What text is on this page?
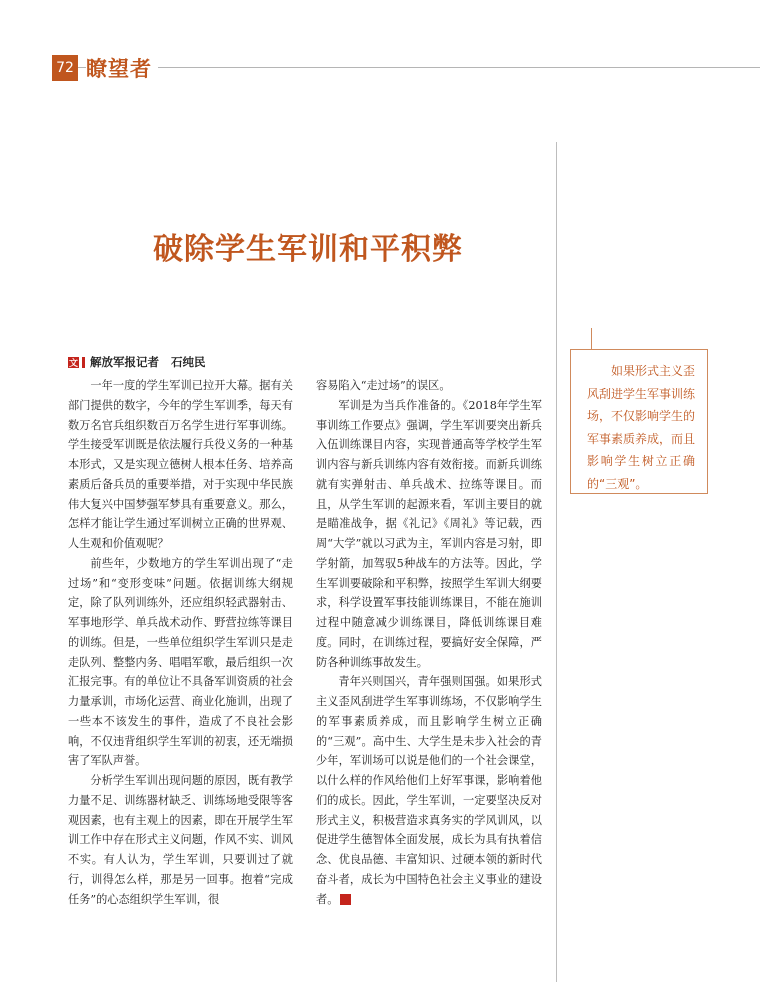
72 瞭望者
破除学生军训和平积弊
文 解放军报记者 石纯民

一年一度的学生军训已拉开大幕。据有关部门提供的数字，今年的学生军训季，每天有数万名官兵组织数百万名学生进行军事训练。学生接受军训既是依法履行兵役义务的一种基本形式，又是实现立德树人根本任务、培养高素质后备兵员的重要举措，对于实现中华民族伟大复兴中国梦强军梦具有重要意义。那么，怎样才能让学生通过军训树立正确的世界观、人生观和价值观呢？

前些年，少数地方的学生军训出现了“走过场”和“变形变味”问题。依据训练大纲规定，除了队列训练外，还应组织轻武器射击、军事地形学、单兵战术动作、野营拉练等课目的训练。但是，一些单位组织学生军训只是走走队列、整整内务、唱唱军歌，最后组织一次汇报完事。有的单位让不具备军训资质的社会力量承训，市场化运营、商业化施训，出现了一些本不该发生的事件，造成了不良社会影响，不仅违背组织学生军训的初衷，还无端损害了军队声誉。

分析学生军训出现问题的原因，既有教学力量不足、训练器材缺乏、训练场地受限等客观因素，也有主观上的因素，即在开展学生军训工作中存在形式主义问题，作风不实、训风不实。有人认为，学生军训，只要训过了就行，训得怎么样，那是另一回事。抱着“完成任务”的心态组织学生军训，很

容易陷入“走过场”的误区。

军训是为当兵作准备的。《2018年学生军事训练工作要点》强调，学生军训要突出新兵入伍训练课目内容，实现普通高等学校学生军训内容与新兵训练内容有效衔接。而新兵训练就有实弹射击、单兵战术、拉练等课目。而且，从学生军训的起源来看，军训主要目的就是瞄准战争，据《礼记》《周礼》等记载，西周“大学”就以习武为主，军训内容是习射，即学射箭，加驾驭5种战车的方法等。因此，学生军训要破除和平积弊，按照学生军训大纲要求，科学设置军事技能训练课目，不能在施训过程中随意减少训练课目，降低训练课目难度。同时，在训练过程，要搞好安全保障，严防各种训练事故发生。

青年兴则国兴，青年强则国强。如果形式主义歪风刮进学生军事训练场，不仅影响学生的军事素质养成，而且影响学生树立正确的“三观”。高中生、大学生是未步入社会的青少年，军训场可以说是他们的一个社会课堂，以什么样的作风给他们上好军事课，影响着他们的成长。因此，学生军训，一定要坚决反对形式主义，积极营造求真务实的学风训风，以促进学生德智体全面发展，成长为具有执着信念、优良品德、丰富知识、过硬本领的新时代奋斗者，成长为中国特色社会主义事业的建设者。	G

如果形式主义歪风刮进学生军事训练场，不仅影响学生的军事素质养成，而且影响学生树立正确的“三观”。
